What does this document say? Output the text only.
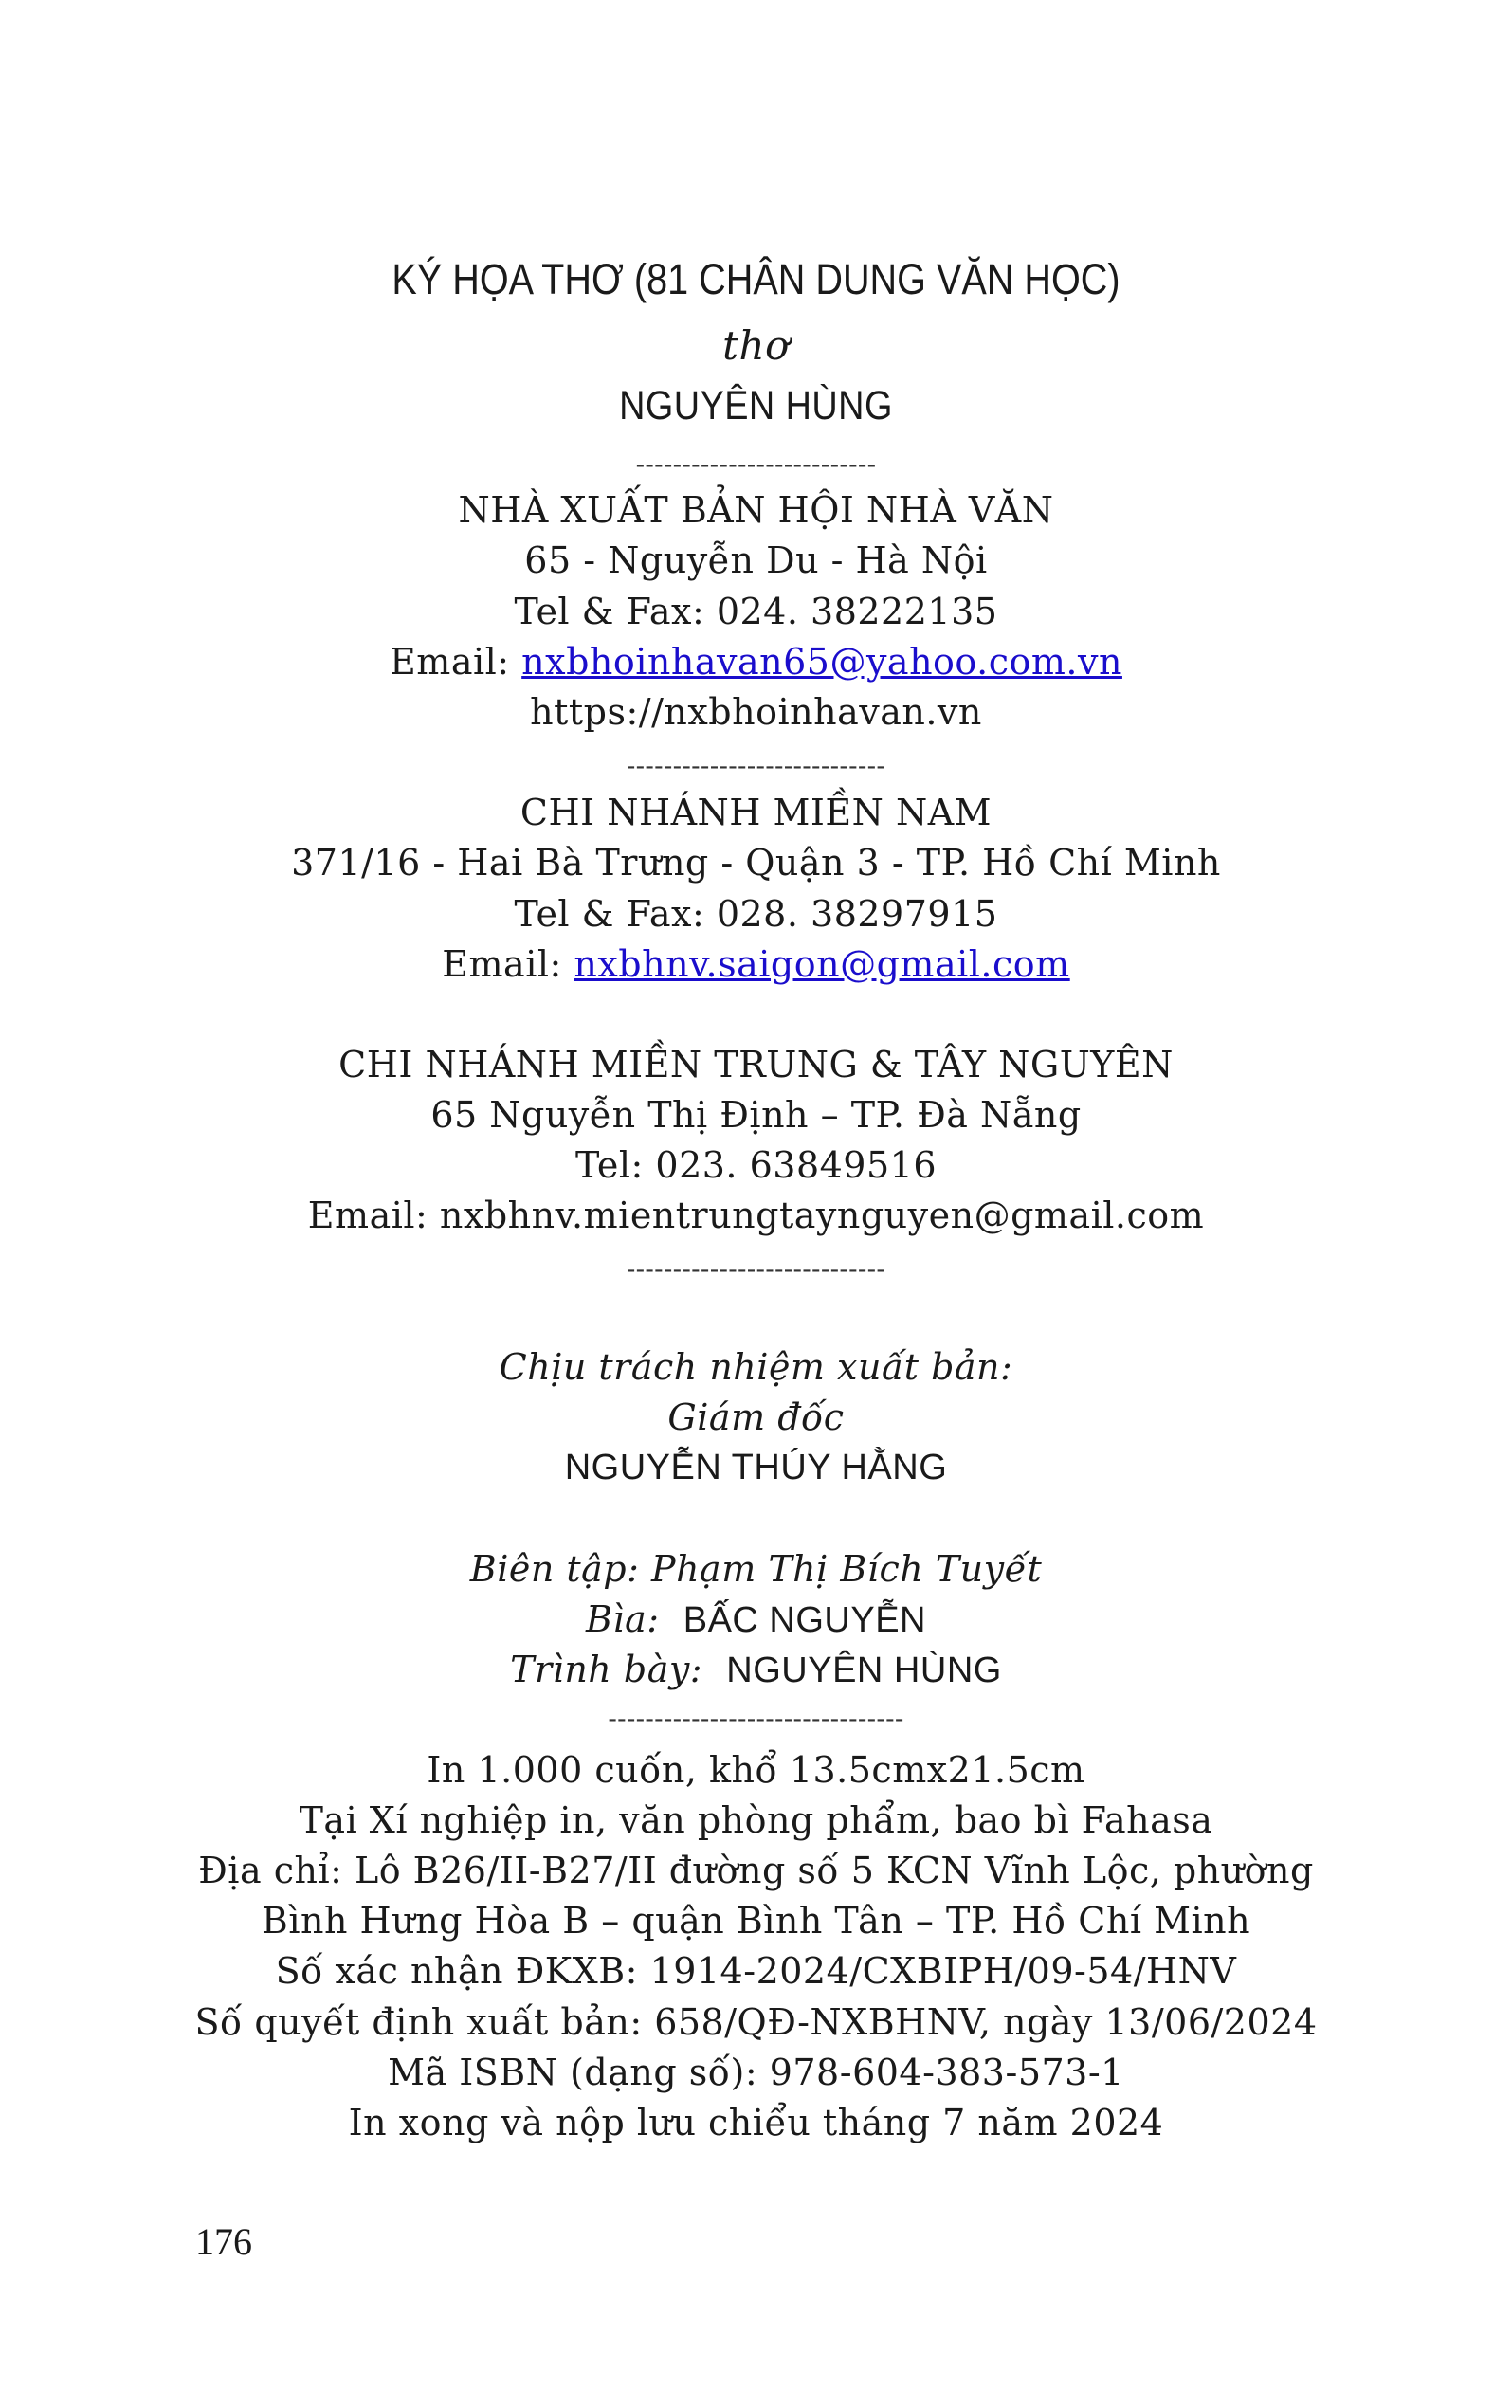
KÝ HỌA THƠ (81 CHÂN DUNG VĂN HỌC)
thơ
NGUYÊN HÙNG
--------------------------
NHÀ XUẤT BẢN HỘI NHÀ VĂN
65 - Nguyễn Du - Hà Nội
Tel & Fax: 024. 38222135
Email: nxbhoinhavan65@yahoo.com.vn
https://nxbhoinhavan.vn
----------------------------
CHI NHÁNH MIỀN NAM
371/16 - Hai Bà Trưng - Quận 3 - TP. Hồ Chí Minh
Tel & Fax: 028. 38297915
Email: nxbhnv.saigon@gmail.com
CHI NHÁNH MIỀN TRUNG & TÂY NGUYÊN
65 Nguyễn Thị Định – TP. Đà Nẵng
Tel: 023. 63849516
Email: nxbhnv.mientrungtaynguyen@gmail.com
----------------------------
Chịu trách nhiệm xuất bản:
Giám đốc
NGUYỄN THÚY HẰNG
Biên tập: Phạm Thị Bích Tuyết
Bìa: BẤC NGUYỄN
Trình bày: NGUYÊN HÙNG
--------------------------------
In 1.000 cuốn, khổ 13.5cmx21.5cm
Tại Xí nghiệp in, văn phòng phẩm, bao bì Fahasa
Địa chỉ: Lô B26/II-B27/II đường số 5 KCN Vĩnh Lộc, phường
Bình Hưng Hòa B – quận Bình Tân – TP. Hồ Chí Minh
Số xác nhận ĐKXB: 1914-2024/CXBIPH/09-54/HNV
Số quyết định xuất bản: 658/QĐ-NXBHNV, ngày 13/06/2024
Mã ISBN (dạng số): 978-604-383-573-1
In xong và nộp lưu chiểu tháng 7 năm 2024
176
